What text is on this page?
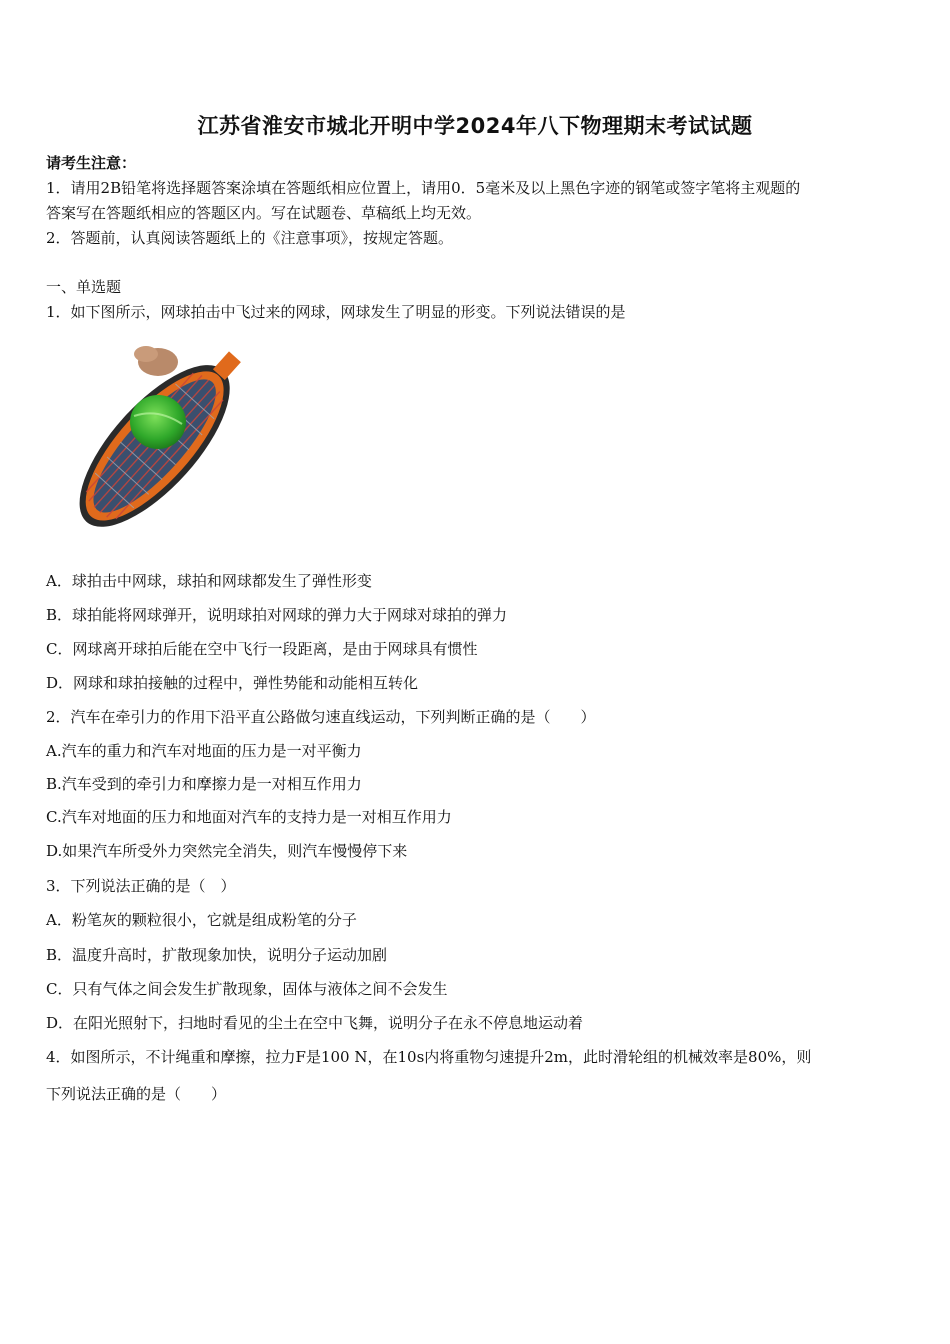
江苏省淮安市城北开明中学2024年八下物理期末考试试题
请考生注意：
1．请用2B铅笔将选择题答案涂填在答题纸相应位置上，请用0．5毫米及以上黑色字迹的钢笔或签字笔将主观题的
答案写在答题纸相应的答题区内。写在试题卷、草稿纸上均无效。
2．答题前，认真阅读答题纸上的《注意事项》，按规定答题。
一、单选题
1．如下图所示，网球拍击中飞过来的网球，网球发生了明显的形变。下列说法错误的是
A．球拍击中网球，球拍和网球都发生了弹性形变
B．球拍能将网球弹开，说明球拍对网球的弹力大于网球对球拍的弹力
C．网球离开球拍后能在空中飞行一段距离，是由于网球具有惯性
D．网球和球拍接触的过程中，弹性势能和动能相互转化
2．汽车在牵引力的作用下沿平直公路做匀速直线运动，下列判断正确的是（　　）
A.汽车的重力和汽车对地面的压力是一对平衡力
B.汽车受到的牵引力和摩擦力是一对相互作用力
C.汽车对地面的压力和地面对汽车的支持力是一对相互作用力
D.如果汽车所受外力突然完全消失，则汽车慢慢停下来
3．下列说法正确的是（　）
A．粉笔灰的颗粒很小，它就是组成粉笔的分子
B．温度升高时，扩散现象加快，说明分子运动加剧
C．只有气体之间会发生扩散现象，固体与液体之间不会发生
D．在阳光照射下，扫地时看见的尘土在空中飞舞，说明分子在永不停息地运动着
4．如图所示，不计绳重和摩擦，拉力F是100 N，在10s内将重物匀速提升2m，此时滑轮组的机械效率是80%，则
下列说法正确的是（　　）
